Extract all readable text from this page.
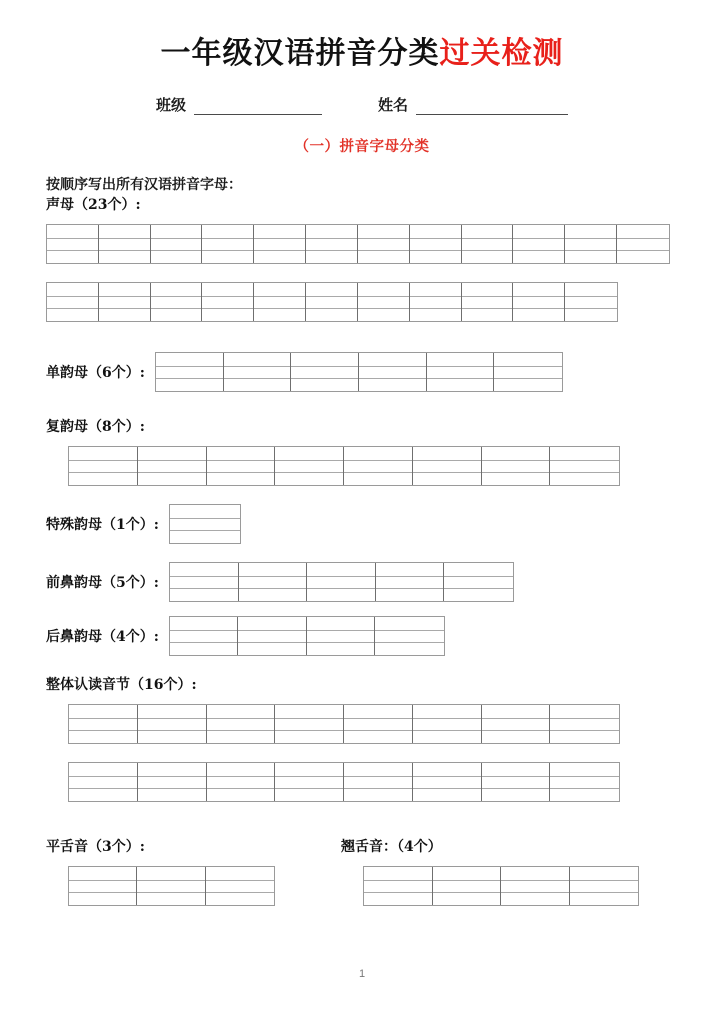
一年级汉语拼音分类过关检测
班级	姓名
（一）拼音字母分类
按顺序写出所有汉语拼音字母：
声母（23个）:
单韵母（6个）:
复韵母（8个）:
特殊韵母（1个）:
前鼻韵母（5个）:
后鼻韵母（4个）:
整体认读音节（16个）:
平舌音（3个）:	翘舌音：（4个）
1
